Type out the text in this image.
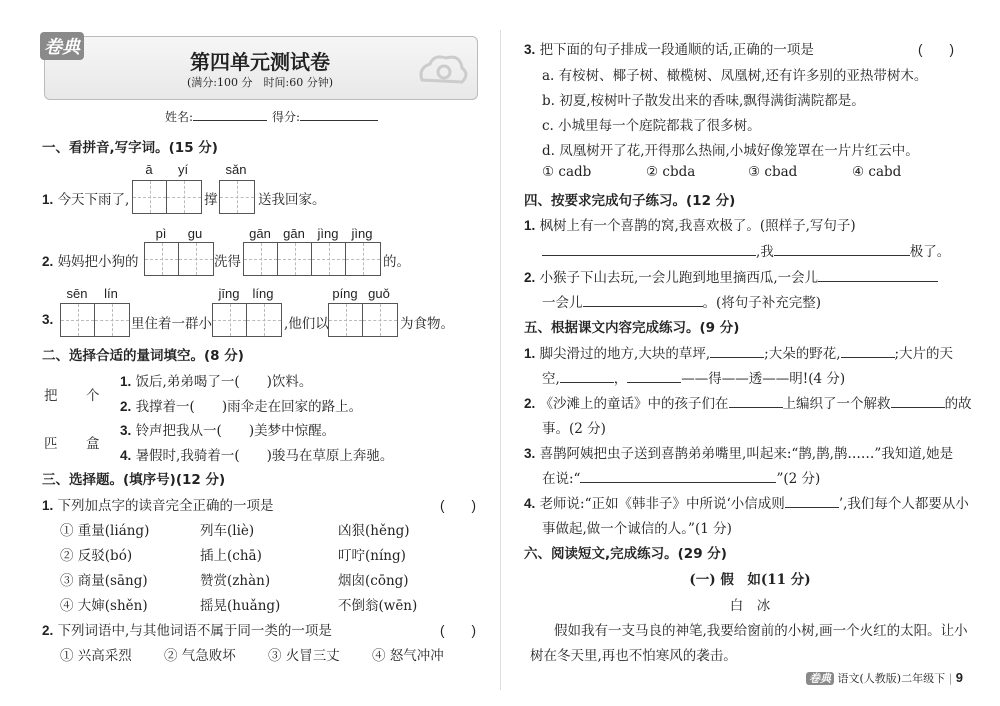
卷典
第四单元测试卷
(满分:100 分　时间:60 分钟)
姓名:	得分:
一、看拼音,写字词。(15 分)
ā	yí	sǎn
1. 今天下雨了,	撑	送我回家。
pì	gu	gān gān jìng	jìng
2. 妈妈把小狗的	洗得	的。
sēn	lín	jīng	líng	píng guǒ
3.	里住着一群小	,他们以	为食物。
二、选择合适的量词填空。(8 分)
把 个
匹 盒
1. 饭后,弟弟喝了一(　　)饮料。
2. 我撑着一(　　)雨伞走在回家的路上。
3. 铃声把我从一(　　)美梦中惊醒。
4. 暑假时,我骑着一(　　)骏马在草原上奔驰。
三、选择题。(填序号)(12 分)
1. 下列加点字的读音完全正确的一项是	(　　)
① 重量(liáng)	列车(liè)	凶狠(hěng)
② 反驳(bó)	插上(chā)	叮咛(níng)
③ 商量(sāng)	赞赏(zhàn)	烟囱(cōng)
④ 大婶(shěn)	摇晃(huǎng)	不倒翁(wēn)
2. 下列词语中,与其他词语不属于同一类的一项是	(　　)
① 兴高采烈 ② 气急败坏 ③ 火冒三丈 ④ 怒气冲冲
3. 把下面的句子排成一段通顺的话,正确的一项是	(　　)
a. 有桉树、椰子树、橄榄树、凤凰树,还有许多别的亚热带树木。
b. 初夏,桉树叶子散发出来的香味,飘得满街满院都是。
c. 小城里每一个庭院都栽了很多树。
d. 凤凰树开了花,开得那么热闹,小城好像笼罩在一片片红云中。
① cadb	② cbda	③ cbad	④ cabd
四、按要求完成句子练习。(12 分)
1. 枫树上有一个喜鹊的窝,我喜欢极了。(照样子,写句子)
,我	极了。
2. 小猴子下山去玩,一会儿跑到地里摘西瓜,一会儿
一会儿	。(将句子补充完整)
五、根据课文内容完成练习。(9 分)
1. 脚尖滑过的地方,大块的草坪,	;大朵的野花,	;大片的天
空,	，	——得——透——明!(4 分)
2. 《沙滩上的童话》中的孩子们在	上编织了一个解救	的故
事。(2 分)
3. 喜鹊阿姨把虫子送到喜鹊弟弟嘴里,叫起来:“鹊,鹊,鹊……”我知道,她是
在说:“	”(2 分)
4. 老师说:“正如《韩非子》中所说‘小信成则	’,我们每个人都要从小
事做起,做一个诚信的人。”(1 分)
六、阅读短文,完成练习。(29 分)
(一) 假　如(11 分)
白　冰
假如我有一支马良的神笔,我要给窗前的小树,画一个火红的太阳。让小
树在冬天里,再也不怕寒风的袭击。
卷典 语文(人教版)二年级下 | 9
